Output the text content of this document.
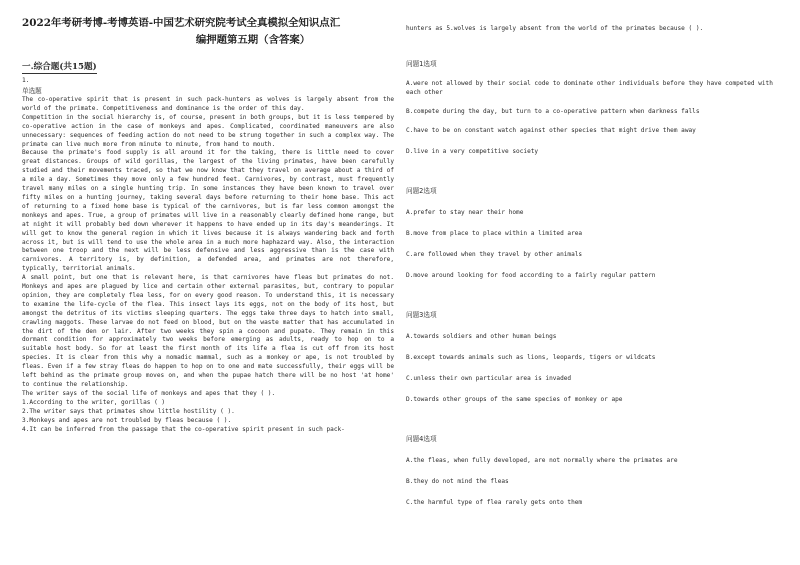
2022年考研考博-考博英语-中国艺术研究院考试全真模拟全知识点汇
编押题第五期（含答案）
一.综合题(共15题)
1.
单选题
The co-operative spirit that is present in such pack-hunters as wolves is largely absent from the world of the primate. Competitiveness and dominance is the order of this day.
Competition in the social hierarchy is, of course, present in both groups, but it is less tempered by co-operative action in the case of monkeys and apes. Complicated, coordinated maneuvers are also unnecessary: sequences of feeding action do not need to be strung together in such a complex way. The primate can live much more from minute to minute, from hand to mouth.
Because the primate's food supply is all around it for the taking, there is little need to cover great distances. Groups of wild gorillas, the largest of the living primates, have been carefully studied and their movements traced, so that we now know that they travel on average about a third of a mile a day. Sometimes they move only a few hundred feet. Carnivores, by contrast, must frequently travel many miles on a single hunting trip. In some instances they have been known to travel over fifty miles on a hunting journey, taking several days before returning to their home base. This act of returning to a fixed home base is typical of the carnivores, but is far less common amongst the monkeys and apes. True, a group of primates will live in a reasonably clearly defined home range, but at night it will probably bed down wherever it happens to have ended up in its day's meanderings. It will get to know the general region in which it lives because it is always wandering back and forth across it, but is will tend to use the whole area in a much more haphazard way. Also, the interaction between one troop and the next will be less defensive and less aggressive than is the case with carnivores. A territory is, by definition, a defended area, and primates are not therefore, typically, territorial animals.
A small point, but one that is relevant here, is that carnivores have fleas but primates do not. Monkeys and apes are plagued by lice and certain other external parasites, but, contrary to popular opinion, they are completely flea less, for on every good reason. To understand this, it is necessary to examine the life-cycle of the flea. This insect lays its eggs, not on the body of its host, but amongst the detritus of its victims sleeping quarters. The eggs take three days to hatch into small, crawling maggots. These larvae do not feed on blood, but on the waste matter that has accumulated in the dirt of the den or lair. After two weeks they spin a cocoon and pupate. They remain in this dormant condition for approximately two weeks before emerging as adults, ready to hop on to a suitable host body. So for at least the first month of its life a flea is cut off from its host species. It is clear from this why a nomadic mammal, such as a monkey or ape, is not troubled by fleas. Even if a few stray fleas do happen to hop on to one and mate successfully, their eggs will be left behind as the primate group moves on, and when the pupae hatch there will be no host 'at home' to continue the relationship.
The writer says of the social life of monkeys and apes that they ( ).
1.According to the writer, gorillas ( )
2.The writer says that primates show little hostility ( ).
3.Monkeys and apes are not troubled by fleas because ( ).
4.It can be inferred from the passage that the co-operative spirit present in such pack-
hunters as 5.wolves is largely absent from the world of the primates because ( ).
问题1选项
A.were not allowed by their social code to dominate other individuals before they have competed with each other
B.compete during the day, but turn to a co-operative pattern when darkness falls
C.have to be on constant watch against other species that might drive them away
D.live in a very competitive society
问题2选项
A.prefer to stay near their home
B.move from place to place within a limited area
C.are followed when they travel by other animals
D.move around looking for food according to a fairly regular pattern
问题3选项
A.towards soldiers and other human beings
B.except towards animals such as lions, leopards, tigers or wildcats
C.unless their own particular area is invaded
D.towards other groups of the same species of monkey or ape
问题4选项
A.the fleas, when fully developed, are not normally where the primates are
B.they do not mind the fleas
C.the harmful type of flea rarely gets onto them
